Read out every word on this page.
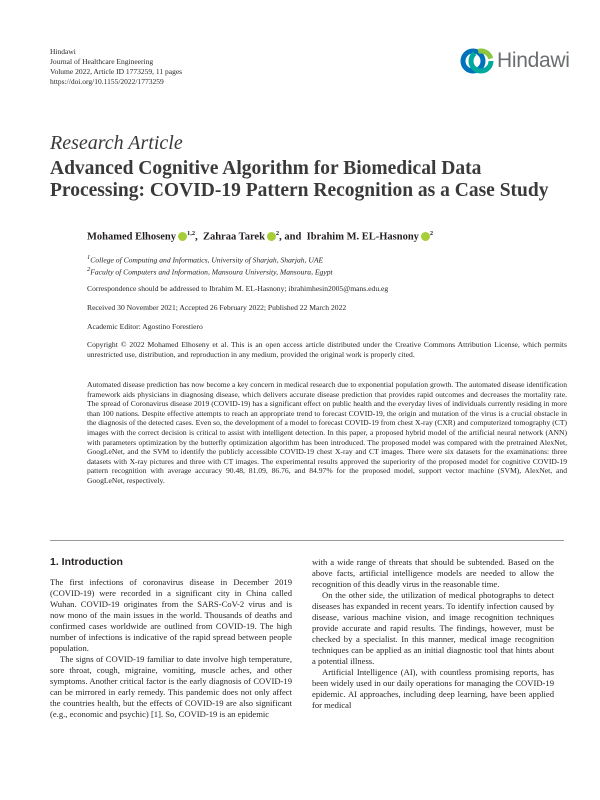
Hindawi
Journal of Healthcare Engineering
Volume 2022, Article ID 1773259, 11 pages
https://doi.org/10.1155/2022/1773259
Hindawi
Research Article
Advanced Cognitive Algorithm for Biomedical Data Processing: COVID-19 Pattern Recognition as a Case Study
Mohamed Elhoseny $^{1,2}$, Zahraa Tarek $^2$, and Ibrahim M. EL-Hasnony $^2$
$^1$College of Computing and Informatics, University of Sharjah, Sharjah, UAE
$^2$Faculty of Computers and Information, Mansoura University, Mansoura, Egypt
Correspondence should be addressed to Ibrahim M. EL-Hasnony; ibrahimhesin2005@mans.edu.eg
Received 30 November 2021; Accepted 26 February 2022; Published 22 March 2022
Academic Editor: Agostino Forestiero
Copyright © 2022 Mohamed Elhoseny et al. This is an open access article distributed under the Creative Commons Attribution License, which permits unrestricted use, distribution, and reproduction in any medium, provided the original work is properly cited.

Automated disease prediction has now become a key concern in medical research due to exponential population growth. The automated disease identification framework aids physicians in diagnosing disease, which delivers accurate disease prediction that provides rapid outcomes and decreases the mortality rate. The spread of Coronavirus disease 2019 (COVID-19) has a significant effect on public health and the everyday lives of individuals currently residing in more than 100 nations. Despite effective attempts to reach an appropriate trend to forecast COVID-19, the origin and mutation of the virus is a crucial obstacle in the diagnosis of the detected cases. Even so, the development of a model to forecast COVID-19 from chest X-ray (CXR) and computerized tomography (CT) images with the correct decision is critical to assist with intelligent detection. In this paper, a proposed hybrid model of the artificial neural network (ANN) with parameters optimization by the butterfly optimization algorithm has been introduced. The proposed model was compared with the pretrained AlexNet, GoogLeNet, and the SVM to identify the publicly accessible COVID-19 chest X-ray and CT images. There were six datasets for the examinations: three datasets with X-ray pictures and three with CT images. The experimental results approved the superiority of the proposed model for cognitive COVID-19 pattern recognition with average accuracy 90.48, 81.09, 86.76, and 84.97% for the proposed model, support vector machine (SVM), AlexNet, and GoogLeNet, respectively.

1. Introduction

The first infections of coronavirus disease in December 2019 (COVID-19) were recorded in a significant city in China called Wuhan. COVID-19 originates from the SARS-CoV-2 virus and is now mono of the main issues in the world. Thousands of deaths and confirmed cases worldwide are outlined from COVID-19. The high number of infections is indicative of the rapid spread between people population.

The signs of COVID-19 familiar to date involve high temperature, sore throat, cough, migraine, vomiting, muscle aches, and other symptoms. Another critical factor is the early diagnosis of COVID-19 can be mirrored in early remedy. This pandemic does not only affect the countries health, but the effects of COVID-19 are also significant (e.g., economic and psychic) [1]. So, COVID-19 is an epidemic

with a wide range of threats that should be subtended. Based on the above facts, artificial intelligence models are needed to allow the recognition of this deadly virus in the reasonable time.

On the other side, the utilization of medical photographs to detect diseases has expanded in recent years. To identify infection caused by disease, various machine vision, and image recognition techniques provide accurate and rapid results. The findings, however, must be checked by a specialist. In this manner, medical image recognition techniques can be applied as an initial diagnostic tool that hints about a potential illness.

Artificial Intelligence (AI), with countless promising reports, has been widely used in our daily operations for managing the COVID-19 epidemic. AI approaches, including deep learning, have been applied for medical
